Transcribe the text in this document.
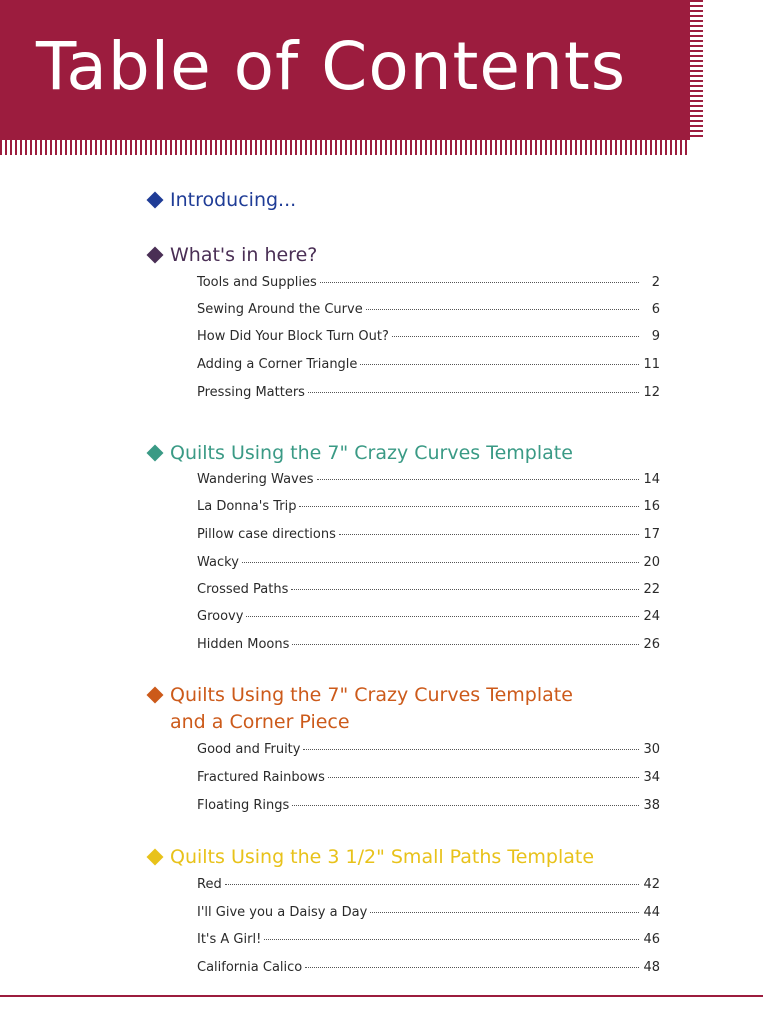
Table of Contents
Introducing...
What's in here?
Tools and Supplies	2
Sewing Around the Curve	6
How Did Your Block Turn Out?	9
Adding a Corner Triangle	11
Pressing Matters	12
Quilts Using the 7" Crazy Curves Template
Wandering Waves	14
La Donna's Trip	16
Pillow case directions	17
Wacky	20
Crossed Paths	22
Groovy	24
Hidden Moons	26
Quilts Using the 7" Crazy Curves Template
and a Corner Piece
Good and Fruity	30
Fractured Rainbows	34
Floating Rings	38
Quilts Using the 3 1/2" Small Paths Template
Red	42
I'll Give you a Daisy a Day	44
It's A Girl!	46
California Calico	48
